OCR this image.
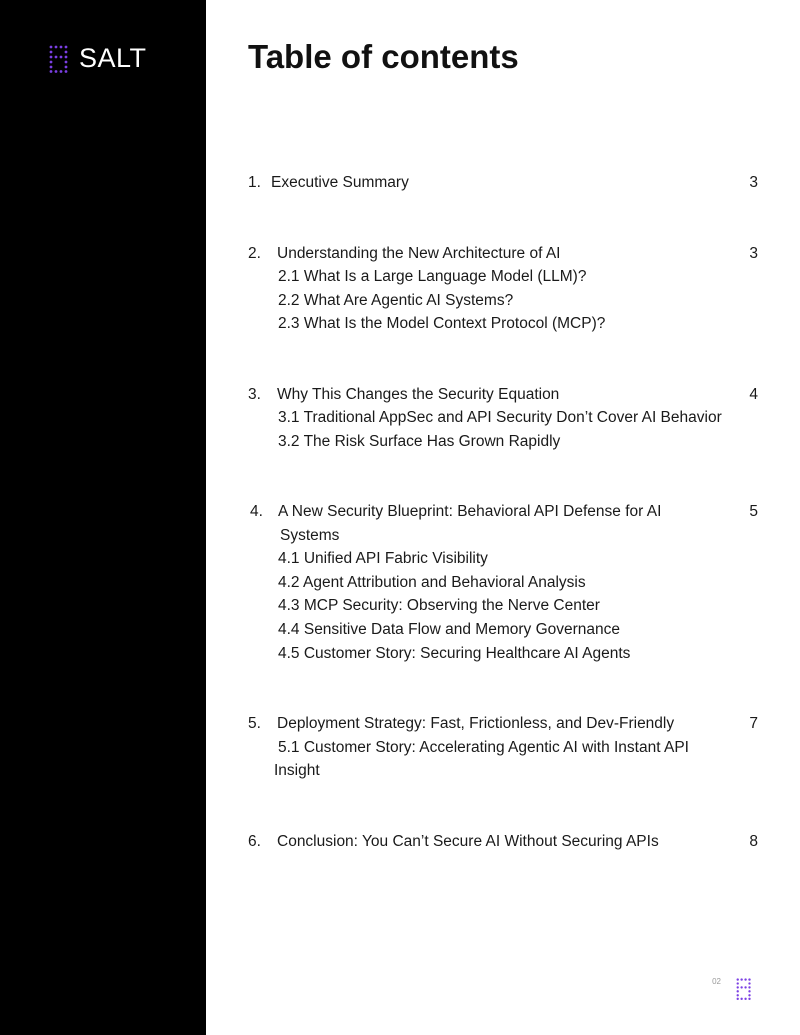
SALT	Table of contents
1. Executive Summary	3
2. Understanding the New Architecture of AI	3
2.1 What Is a Large Language Model (LLM)?
2.2 What Are Agentic AI Systems?
2.3 What Is the Model Context Protocol (MCP)?
3. Why This Changes the Security Equation	4
3.1 Traditional AppSec and API Security Don’t Cover AI Behavior
3.2 The Risk Surface Has Grown Rapidly
4. A New Security Blueprint: Behavioral API Defense for AI	5
Systems
4.1 Unified API Fabric Visibility
4.2 Agent Attribution and Behavioral Analysis
4.3 MCP Security: Observing the Nerve Center
4.4 Sensitive Data Flow and Memory Governance
4.5 Customer Story: Securing Healthcare AI Agents
5. Deployment Strategy: Fast, Frictionless, and Dev-Friendly	7
5.1 Customer Story: Accelerating Agentic AI with Instant API
Insight
6. Conclusion: You Can’t Secure AI Without Securing APIs	8
02
